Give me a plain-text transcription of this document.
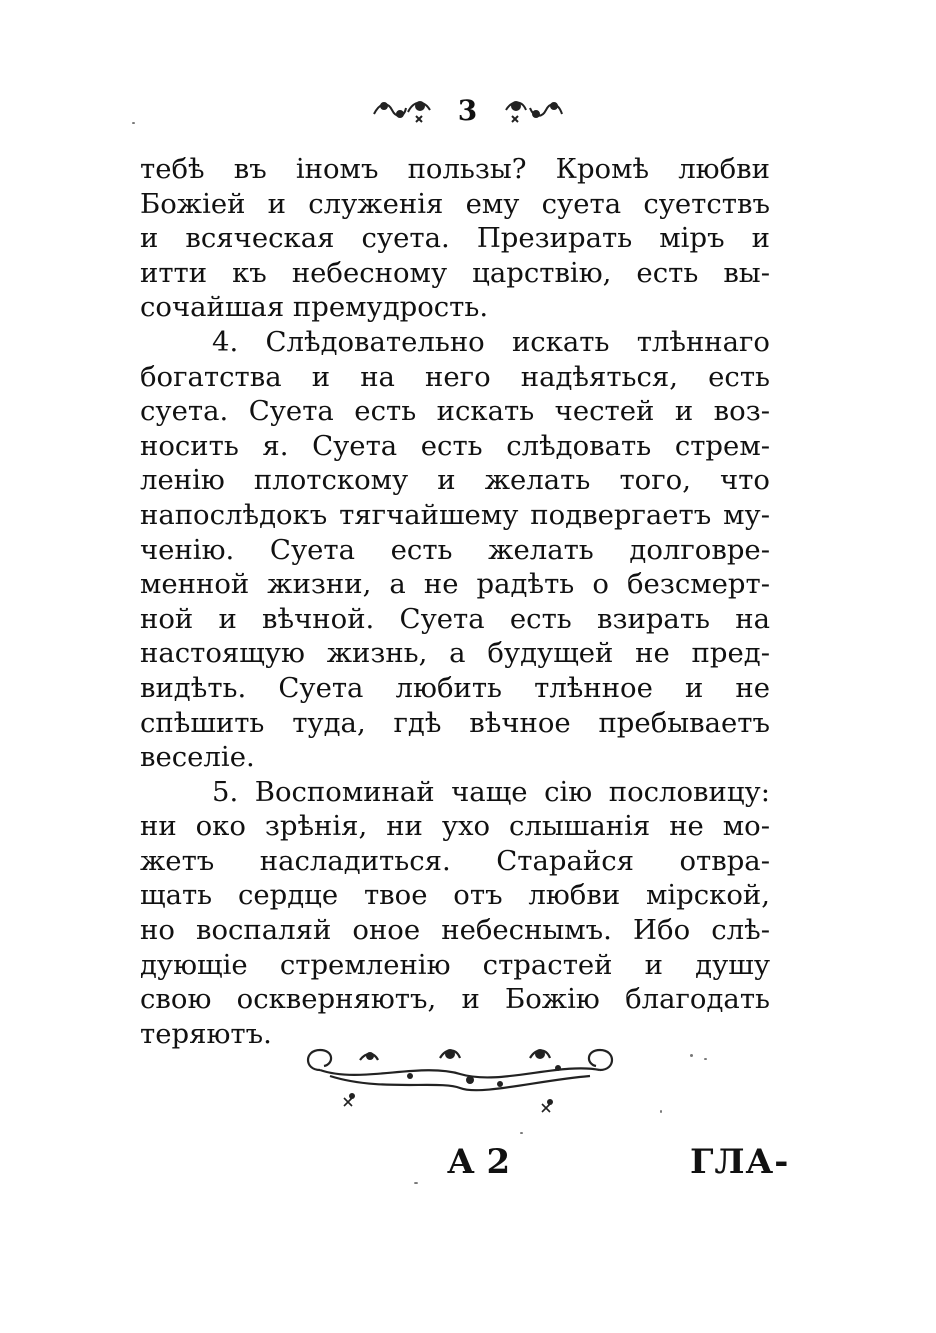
3
тебѣ въ іномъ пользы? Кромѣ любви
Божіей и служенія ему суета суетствъ
и всяческая суета. Презирать міръ и
итти къ небесному царствію, есть вы-
сочайшая премудрость.
4. Слѣдовательно искать тлѣннаго
богатства и на него надѣяться, есть
суета. Суета есть искать честей и воз-
носить я. Суета есть слѣдовать стрем-
ленію плотскому и желать того, что
напослѣдокъ тягчайшему подвергаетъ му-
ченію. Суета есть желать долговре-
менной жизни, а не радѣть о безсмерт-
ной и вѣчной. Суета есть взирать на
настоящую жизнь, а будущей не пред-
видѣть. Суета любить тлѣнное и не
спѣшить туда, гдѣ вѣчное пребываетъ
веселіе.
5. Воспоминай чаще сію пословицу:
ни око зрѣнія, ни ухо слышанія не мо-
жетъ насладиться. Старайся отвра-
щать сердце твое отъ любви мірской,
но воспаляй оное небеснымъ. Ибо слѣ-
дующіе стремленію страстей и душу
свою оскверняютъ, и Божію благодать
теряютъ.
А 2	ГЛА-
